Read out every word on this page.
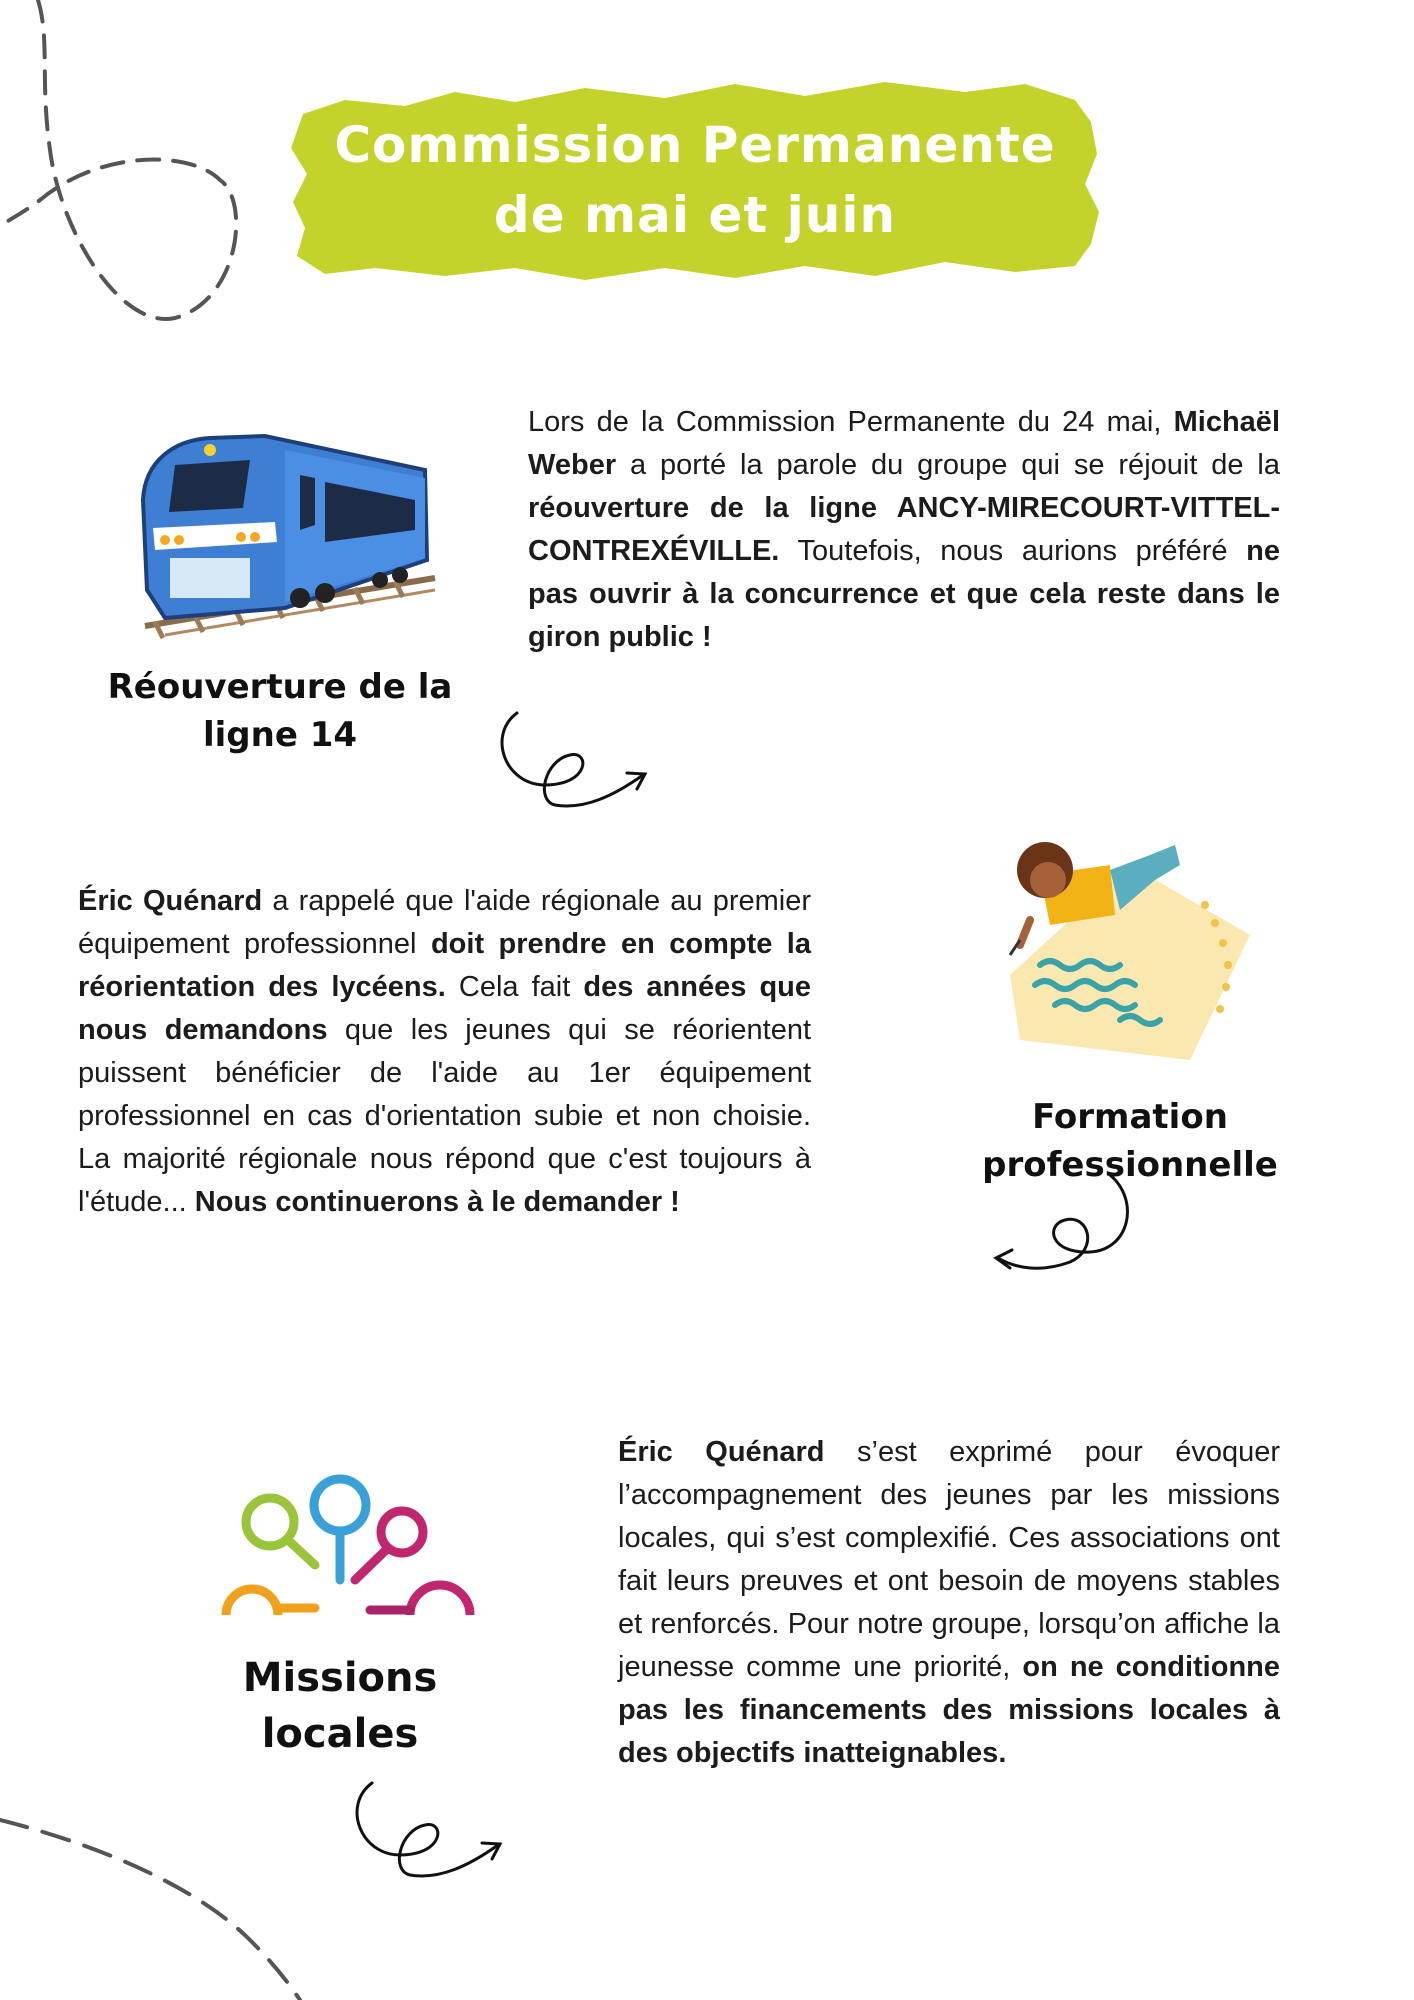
Commission Permanente
de mai et juin
Réouverture de la
ligne 14
Lors de la Commission Permanente du 24 mai, Michaël Weber a porté la parole du groupe qui se réjouit de la réouverture de la ligne ANCY-MIRECOURT-VITTEL-CONTREXÉVILLE. Toutefois, nous aurions préféré ne pas ouvrir à la concurrence et que cela reste dans le giron public !
Éric Quénard a rappelé que l'aide régionale au premier équipement professionnel doit prendre en compte la réorientation des lycéens. Cela fait des années que nous demandons que les jeunes qui se réorientent puissent bénéficier de l'aide au 1er équipement professionnel en cas d'orientation subie et non choisie. La majorité régionale nous répond que c'est toujours à l'étude... Nous continuerons à le demander !
Formation professionnelle
Missions locales
Éric Quénard s’est exprimé pour évoquer l’accompagnement des jeunes par les missions locales, qui s’est complexifié. Ces associations ont fait leurs preuves et ont besoin de moyens stables et renforcés. Pour notre groupe, lorsqu’on affiche la jeunesse comme une priorité, on ne conditionne pas les financements des missions locales à des objectifs inatteignables.
